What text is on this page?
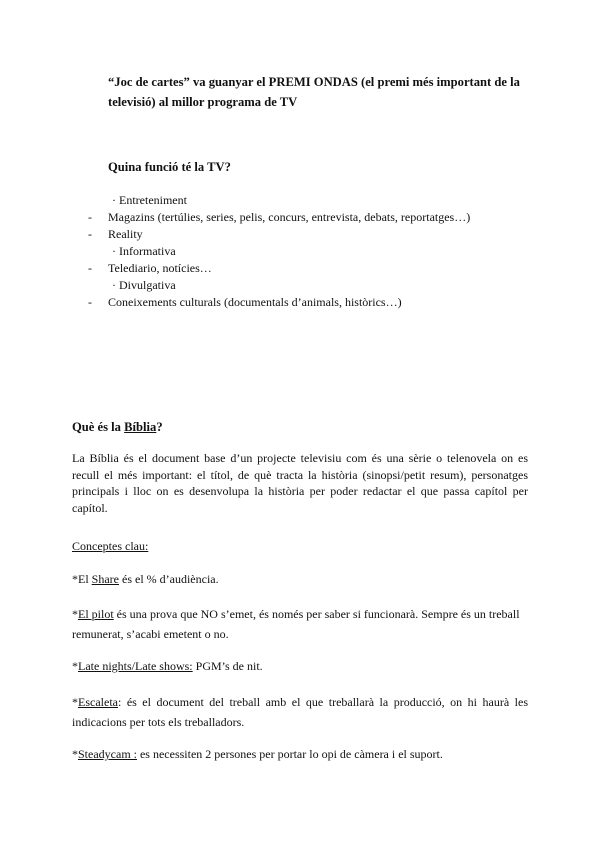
“Joc de cartes” va guanyar el PREMI ONDAS (el premi més important de la televisió) al millor programa de TV
Quina funció té la TV?
· Entreteniment
- Magazins (tertúlies, series, pelis, concurs, entrevista, debats, reportatges…)
- Reality
· Informativa
- Telediario, notícies…
· Divulgativa
- Coneixements culturals (documentals d’animals, històrics…)
Què és la Bíblia?
La Bíblia és el document base d’un projecte televisiu com és una sèrie o telenovela on es recull el més important: el títol, de què tracta la història (sinopsi/petit resum), personatges principals i lloc on es desenvolupa la història per poder redactar el que passa capítol per capítol.
Conceptes clau:
*El Share és el % d’audiència.
*El pilot és una prova que NO s’emet, és només per saber si funcionarà. Sempre és un treball remunerat, s’acabi emetent o no.
*Late nights/Late shows: PGM’s de nit.
*Escaleta: és el document del treball amb el que treballarà la producció, on hi haurà les indicacions per tots els treballadors.
*Steadycam : es necessiten 2 persones per portar lo opi de càmera i el suport.
